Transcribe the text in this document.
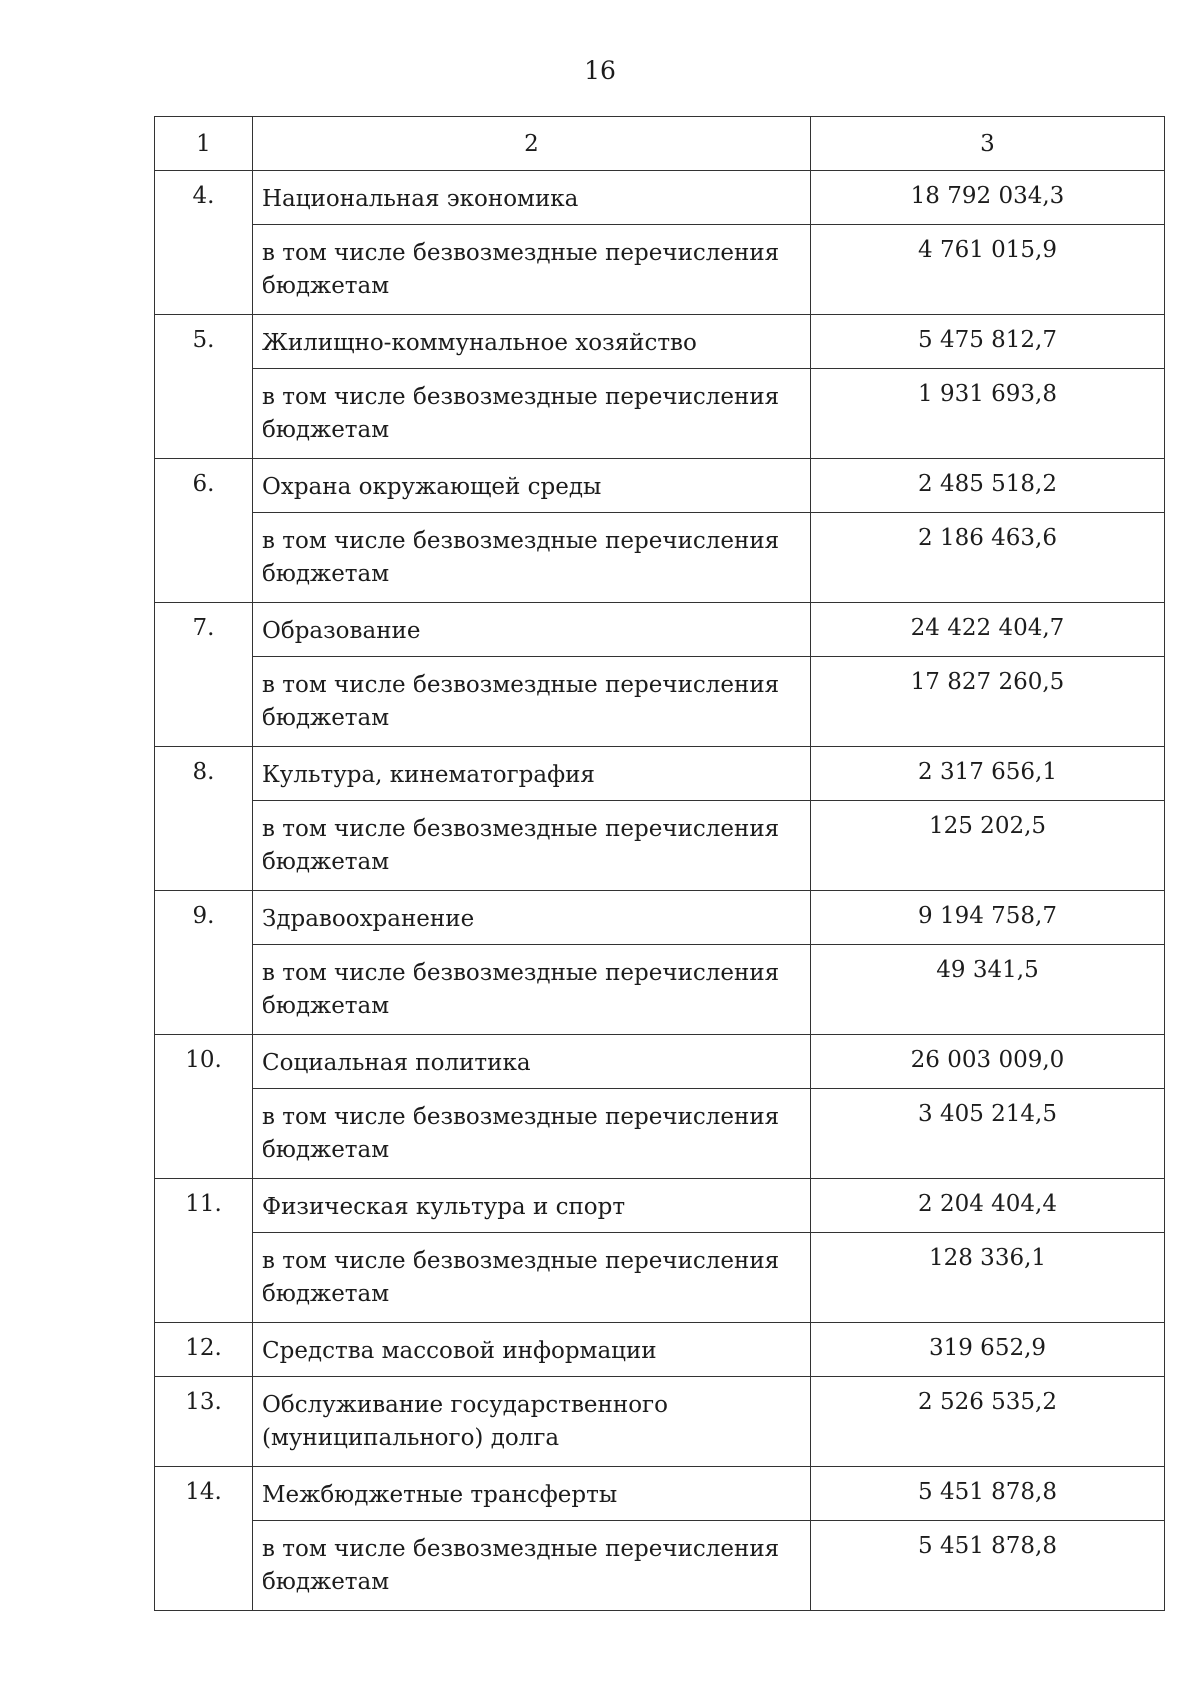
16
1	2	3
4.	Национальная экономика	18 792 034,3
	в том числе безвозмездные перечисления бюджетам	4 761 015,9
5.	Жилищно-коммунальное хозяйство	5 475 812,7
	в том числе безвозмездные перечисления бюджетам	1 931 693,8
6.	Охрана окружающей среды	2 485 518,2
	в том числе безвозмездные перечисления бюджетам	2 186 463,6
7.	Образование	24 422 404,7
	в том числе безвозмездные перечисления бюджетам	17 827 260,5
8.	Культура, кинематография	2 317 656,1
	в том числе безвозмездные перечисления бюджетам	125 202,5
9.	Здравоохранение	9 194 758,7
	в том числе безвозмездные перечисления бюджетам	49 341,5
10.	Социальная политика	26 003 009,0
	в том числе безвозмездные перечисления бюджетам	3 405 214,5
11.	Физическая культура и спорт	2 204 404,4
	в том числе безвозмездные перечисления бюджетам	128 336,1
12.	Средства массовой информации	319 652,9
13.	Обслуживание государственного (муниципального) долга	2 526 535,2
14.	Межбюджетные трансферты	5 451 878,8
	в том числе безвозмездные перечисления бюджетам	5 451 878,8
